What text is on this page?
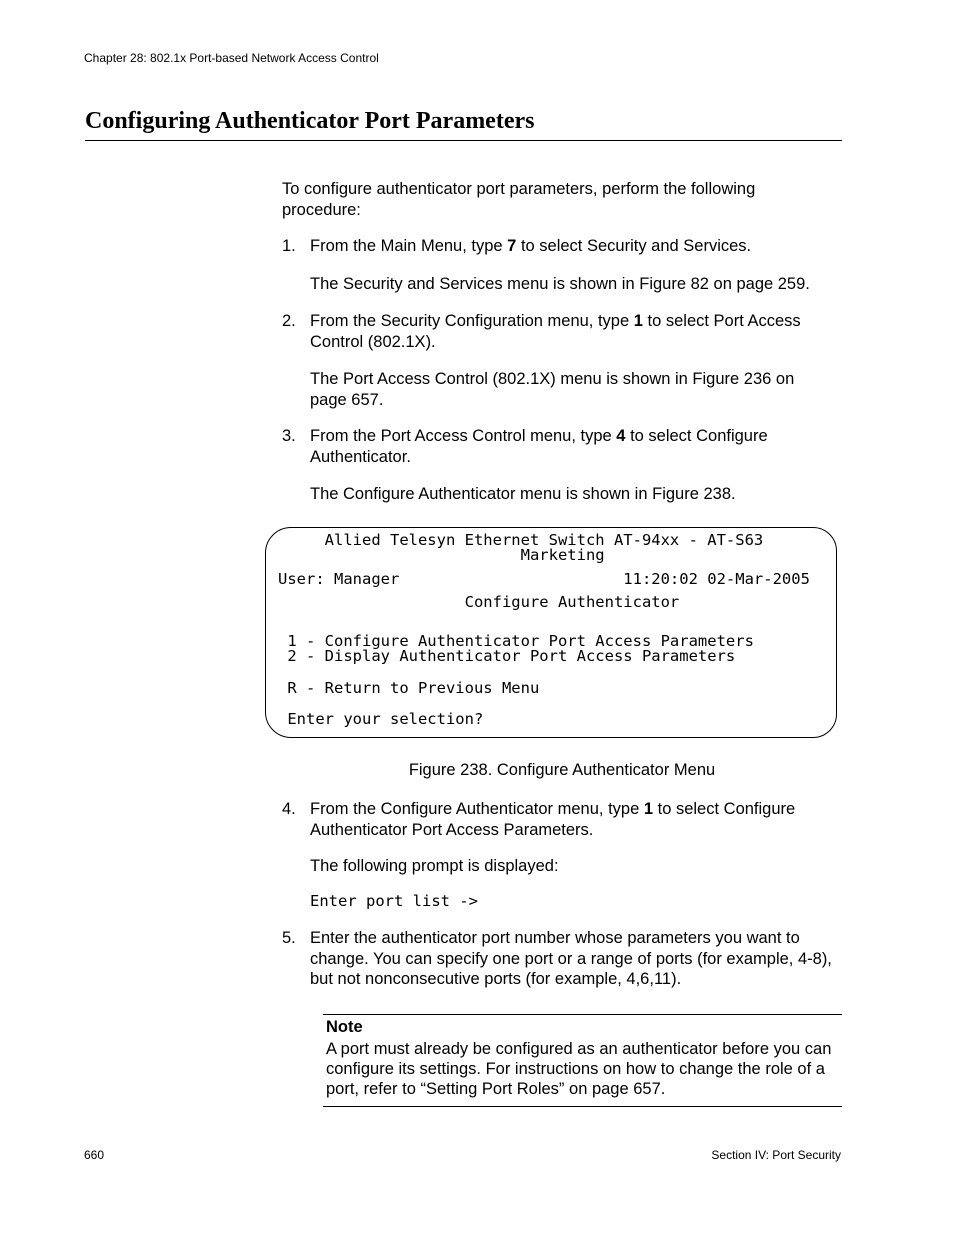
Chapter 28: 802.1x Port-based Network Access Control
Configuring Authenticator Port Parameters
To configure authenticator port parameters, perform the following procedure:
1. From the Main Menu, type 7 to select Security and Services.
The Security and Services menu is shown in Figure 82 on page 259.
2. From the Security Configuration menu, type 1 to select Port Access Control (802.1X).
The Port Access Control (802.1X) menu is shown in Figure 236 on page 657.
3. From the Port Access Control menu, type 4 to select Configure Authenticator.
The Configure Authenticator menu is shown in Figure 238.
Allied Telesyn Ethernet Switch AT-94xx - AT-S63
Marketing
User: Manager                        11:20:02 02-Mar-2005
Configure Authenticator
1 - Configure Authenticator Port Access Parameters
2 - Display Authenticator Port Access Parameters
R - Return to Previous Menu
Enter your selection?
Figure 238. Configure Authenticator Menu
4. From the Configure Authenticator menu, type 1 to select Configure Authenticator Port Access Parameters.
The following prompt is displayed:
Enter port list ->
5. Enter the authenticator port number whose parameters you want to change. You can specify one port or a range of ports (for example, 4-8), but not nonconsecutive ports (for example, 4,6,11).
Note
A port must already be configured as an authenticator before you can configure its settings. For instructions on how to change the role of a port, refer to “Setting Port Roles” on page 657.
660	Section IV: Port Security
